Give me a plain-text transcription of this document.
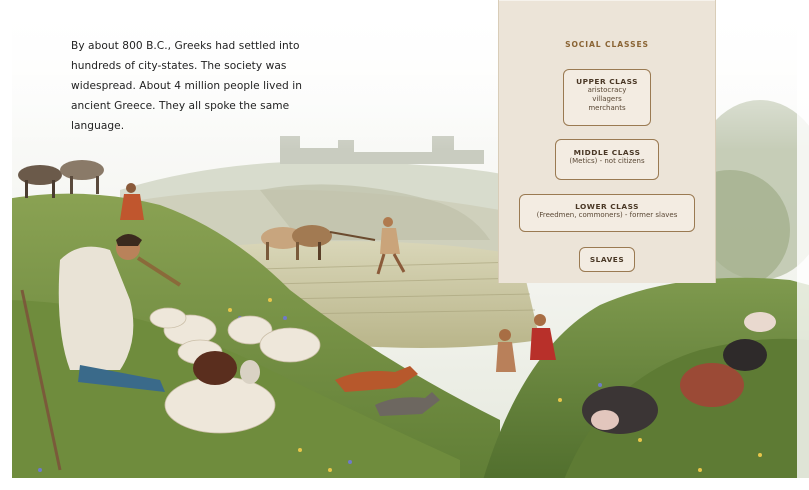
By about 800 B.C., Greeks had settled into hundreds of city-states. The society was widespread. About 4 million people lived in ancient Greece. They all spoke the same language.

SOCIAL CLASSES
UPPER CLASS
aristocracy
villagers
merchants
MIDDLE CLASS
(Metics) - not citizens
LOWER CLASS
(Freedmen, commoners) - former slaves
SLAVES
